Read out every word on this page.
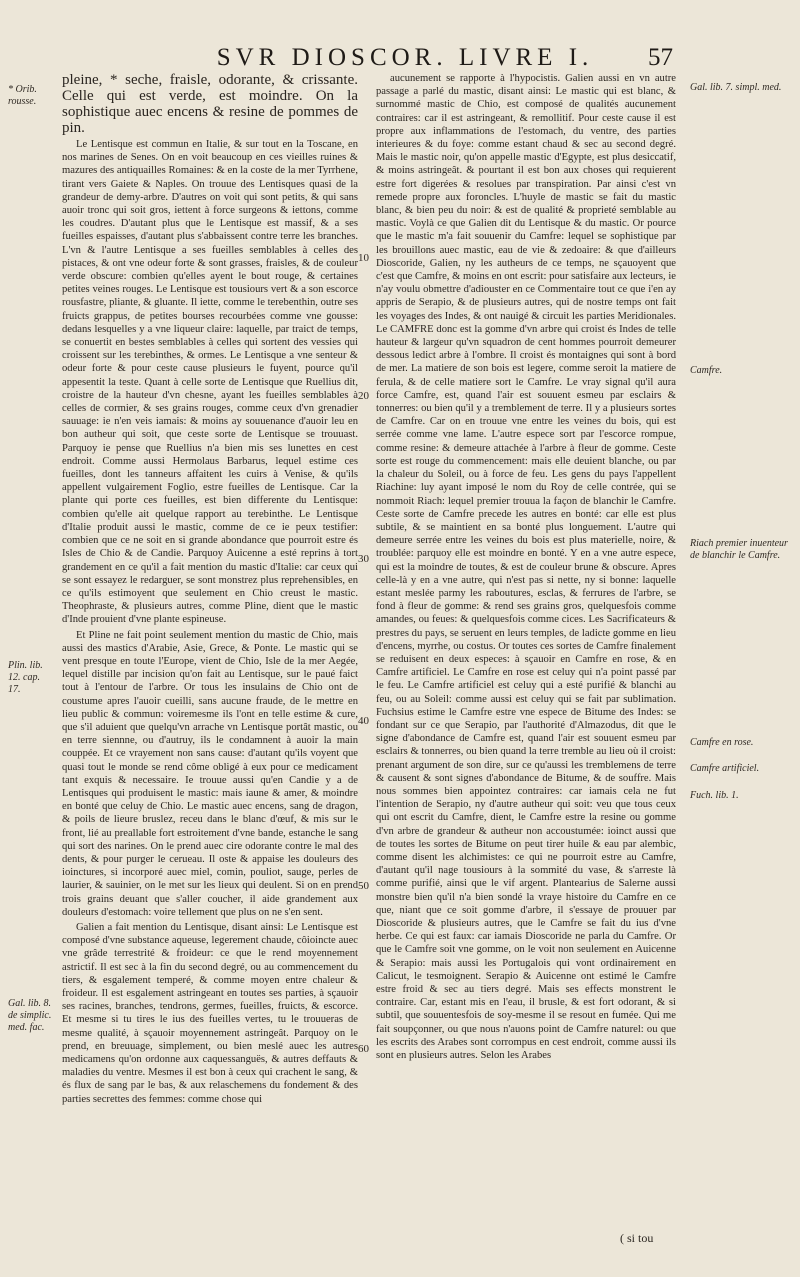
SVR DIOSCOR. LIVRE I.	57
* Orib. rousse.
Plin. lib. 12. cap. 17.
Gal. lib. 8. de simplic. med. fac.
Gal. lib. 7. simpl. med.
Camfre.
Riach premier inuenteur de blanchir le Camfre.
Camfre en rose.
Camfre artificiel.
Fuch. lib. 1.
10
20
30
40
50
60

pleine, * seche, fraisle, odorante, & crissante. Celle qui est verde, est moindre. On la sophistique auec encens & resine de pommes de pin.

Le Lentisque est commun en Italie, & sur tout en la Toscane, en nos marines de Senes. On en voit beaucoup en ces vieilles ruines & mazures des antiquailles Romaines: & en la coste de la mer Tyrrhene, tirant vers Gaiete & Naples. On trouue des Lentisques quasi de la grandeur de demy-arbre. D'autres on voit qui sont petits, & qui sans auoir tronc qui soit gros, iettent à force surgeons & iettons, comme les coudres. D'autant plus que le Lentisque est massif, & a ses fueilles espaisses, d'autant plus s'abbaissent contre terre les branches. L'vn & l'autre Lentisque a ses fueilles semblables à celles des pistaces, & ont vne odeur forte & sont grasses, fraisles, & de couleur verde obscure: combien qu'elles ayent le bout rouge, & certaines petites veines rouges. Le Lentisque est tousiours vert & a son escorce rousfastre, pliante, & gluante. Il iette, comme le terebenthin, outre ses fruicts grappus, de petites bourses recourbées comme vne gousse: dedans lesquelles y a vne liqueur claire: laquelle, par traict de temps, se conuertit en bestes semblables à celles qui sortent des vessies qui croissent sur les terebinthes, & ormes. Le Lentisque a vne senteur & odeur forte & pour ceste cause plusieurs le fuyent, pource qu'il appesentit la teste. Quant à celle sorte de Lentisque que Ruellius dit, croistre de la hauteur d'vn chesne, ayant les fueilles semblables à celles de cormier, & ses grains rouges, comme ceux d'vn grenadier sauuage: ie n'en veis iamais: & moins ay souuenance d'auoir leu en bon autheur qui soit, que ceste sorte de Lentisque se trouuast. Parquoy ie pense que Ruellius n'a bien mis ses lunettes en cest endroit. Comme aussi Hermolaus Barbarus, lequel estime ces fueilles, dont les tanneurs affaitent les cuirs à Venise, & qu'ils appellent vulgairement Foglio, estre fueilles de Lentisque. Car la plante qui porte ces fueilles, est bien differente du Lentisque: combien qu'elle ait quelque rapport au terebinthe. Le Lentisque d'Italie produit aussi le mastic, comme de ce ie peux testifier: combien que ce ne soit en si grande abondance que pourroit estre és Isles de Chio & de Candie. Parquoy Auicenne a esté reprins à tort grandement en ce qu'il a fait mention du mastic d'Italie: car ceux qui se sont essayez le redarguer, se sont monstrez plus reprehensibles, en ce qu'ils estimoyent que seulement en Chio creust le mastic. Theophraste, & plusieurs autres, comme Pline, dient que le mastic d'Inde prouient d'vne plante espineuse.

Et Pline ne fait point seulement mention du mastic de Chio, mais aussi des mastics d'Arabie, Asie, Grece, & Ponte. Le mastic qui se vent presque en toute l'Europe, vient de Chio, Isle de la mer Aegée, lequel distille par incision qu'on fait au Lentisque, sur le paué faict tout à l'entour de l'arbre. Or tous les insulains de Chio ont de coustume apres l'auoir cueilli, sans aucune fraude, de le mettre en lieu public & commun: voiremesme ils l'ont en telle estime & cure, que s'il aduient que quelqu'vn arrache vn Lentisque portât mastic, ou en terre siennne, ou d'autruy, ils le condamnent à auoir la main couppée. Et ce vrayement non sans cause: d'autant qu'ils voyent que quasi tout le monde se rend côme obligé à eux pour ce medicament tant exquis & necessaire. Ie trouue aussi qu'en Candie y a de Lentisques qui produisent le mastic: mais iaune & amer, & moindre en bonté que celuy de Chio. Le mastic auec encens, sang de dragon, & poils de lieure bruslez, receu dans le blanc d'œuf, & mis sur le front, lié au preallable fort estroitement d'vne bande, estanche le sang qui sort des narines. On le prend auec cire odorante contre le mal des dents, & pour purger le cerueau. Il oste & appaise les douleurs des ioinctures, si incorporé auec miel, comin, pouliot, sauge, perles de laurier, & sauinier, on le met sur les lieux qui deulent. Si on en prend trois grains deuant que s'aller coucher, il aide grandement aux douleurs d'estomach: voire tellement que plus on ne s'en sent.

Galien a fait mention du Lentisque, disant ainsi: Le Lentisque est composé d'vne substance aqueuse, legerement chaude, côioincte auec vne grâde terrestrité & froideur: ce que le rend moyennement astrictif. Il est sec à la fin du second degré, ou au commencement du tiers, & esgalement temperé, & comme moyen entre chaleur & froideur. Il est esgalement astringeant en toutes ses parties, à sçauoir ses racines, branches, tendrons, germes, fueilles, fruicts, & escorce. Et mesme si tu tires le ius des fueilles vertes, tu le trouueras de mesme qualité, à sçauoir moyennement astringeât. Parquoy on le prend, en breuuage, simplement, ou bien meslé auec les autres medicamens qu'on ordonne aux caquessanguës, & autres deffauts & maladies du ventre. Mesmes il est bon à ceux qui crachent le sang, & és flux de sang par le bas, & aux relaschemens du fondement & des parties secrettes des femmes: comme chose qui

aucunement se rapporte à l'hypocistis. Galien aussi en vn autre passage a parlé du mastic, disant ainsi: Le mastic qui est blanc, & surnommé mastic de Chio, est composé de qualités aucunement contraires: car il est astringeant, & remollitif. Pour ceste cause il est propre aux inflammations de l'estomach, du ventre, des parties interieures & du foye: comme estant chaud & sec au second degré. Mais le mastic noir, qu'on appelle mastic d'Egypte, est plus desiccatif, & moins astringeât. & pourtant il est bon aux choses qui requierent estre fort digerées & resolues par transpiration. Par ainsi c'est vn remede propre aux foroncles. L'huyle de mastic se fait du mastic blanc, & bien peu du noir: & est de qualité & proprieté semblable au mastic. Voylà ce que Galien dit du Lentisque & du mastic. Or pource que le mastic m'a fait souuenir du Camfre: lequel se sophistique par les brouillons auec mastic, eau de vie & zedoaire: & que d'ailleurs Dioscoride, Galien, ny les autheurs de ce temps, ne sçauoyent que c'est que Camfre, & moins en ont escrit: pour satisfaire aux lecteurs, ie n'ay voulu obmettre d'adiouster en ce Commentaire tout ce que i'en ay appris de Serapio, & de plusieurs autres, qui de nostre temps ont fait les voyages des Indes, & ont nauigé & circuit les parties Meridionales. Le CAMFRE donc est la gomme d'vn arbre qui croist és Indes de telle hauteur & largeur qu'vn squadron de cent hommes pourroit demeurer dessous ledict arbre à l'ombre. Il croist és montaignes qui sont à bord de mer. La matiere de son bois est legere, comme seroit la matiere de ferula, & de celle matiere sort le Camfre. Le vray signal qu'il aura force Camfre, est, quand l'air est souuent esmeu par esclairs & tonnerres: ou bien qu'il y a tremblement de terre. Il y a plusieurs sortes de Camfre. Car on en trouue vne entre les veines du bois, qui est serrée comme vne lame. L'autre espece sort par l'escorce rompue, comme resine: & demeure attachée à l'arbre à fleur de gomme. Ceste sorte est rouge du commencement: mais elle deuient blanche, ou par la chaleur du Soleil, ou à force de feu. Les gens du pays l'appellent Riachine: luy ayant imposé le nom du Roy de celle contrée, qui se nommoit Riach: lequel premier trouua la façon de blanchir le Camfre. Ceste sorte de Camfre precede les autres en bonté: car elle est plus subtile, & se maintient en sa bonté plus longuement. L'autre qui demeure serrée entre les veines du bois est plus materielle, noire, & troublée: parquoy elle est moindre en bonté. Y en a vne autre espece, qui est la moindre de toutes, & est de couleur brune & obscure. Apres celle-là y en a vne autre, qui n'est pas si nette, ny si bonne: laquelle estant meslée parmy les raboutures, esclas, & ferrures de l'arbre, se fond à fleur de gomme: & rend ses grains gros, quelquesfois comme amandes, ou feues: & quelquesfois comme cices. Les Sacrificateurs & prestres du pays, se seruent en leurs temples, de ladicte gomme en lieu d'encens, myrrhe, ou costus. Or toutes ces sortes de Camfre finalement se reduisent en deux especes: à sçauoir en Camfre en rose, & en Camfre artificiel. Le Camfre en rose est celuy qui n'a point passé par le feu. Le Camfre artificiel est celuy qui a esté purifié & blanchi au feu, ou au Soleil: comme aussi est celuy qui se fait par sublimation. Fuchsius estime le Camfre estre vne espece de Bitume des Indes: se fondant sur ce que Serapio, par l'authorité d'Almazodus, dit que le signe d'abondance de Camfre est, quand l'air est souuent esmeu par esclairs & tonnerres, ou bien quand la terre tremble au lieu où il croist: prenant argument de son dire, sur ce qu'aussi les tremblemens de terre & causent & sont signes d'abondance de Bitume, & de souffre. Mais nous sommes bien appointez contraires: car iamais cela ne fut l'intention de Serapio, ny d'autre autheur qui soit: veu que tous ceux qui ont escrit du Camfre, dient, le Camfre estre la resine ou gomme d'vn arbre de grandeur & autheur non accoustumée: ioinct aussi que de toutes les sortes de Bitume on peut tirer huile & eau par alembic, comme disent les alchimistes: ce qui ne pourroit estre au Camfre, d'autant qu'il nage tousiours à la sommité du vase, & s'arreste là comme purifié, ainsi que le vif argent. Plantearius de Salerne aussi monstre bien qu'il n'a bien sondé la vraye histoire du Camfre en ce que, niant que ce soit gomme d'arbre, il s'essaye de prouuer par Dioscoride & plusieurs autres, que le Camfre se fait du ius d'vne herbe. Ce qui est faux: car iamais Dioscoride ne parla du Camfre. Or que le Camfre soit vne gomme, on le voit non seulement en Auicenne & Serapio: mais aussi les Portugalois qui vont ordinairement en Calicut, le tesmoignent. Serapio & Auicenne ont estimé le Camfre estre froid & sec au tiers degré. Mais ses effects monstrent le contraire. Car, estant mis en l'eau, il brusle, & est fort odorant, & si subtil, que souuentesfois de soy-mesme il se resout en fumée. Qui me fait soupçonner, ou que nous n'auons point de Camfre naturel: ou que les escrits des Arabes sont corrompus en cest endroit, comme aussi ils sont en plusieurs autres. Selon les Arabes

( si tou
